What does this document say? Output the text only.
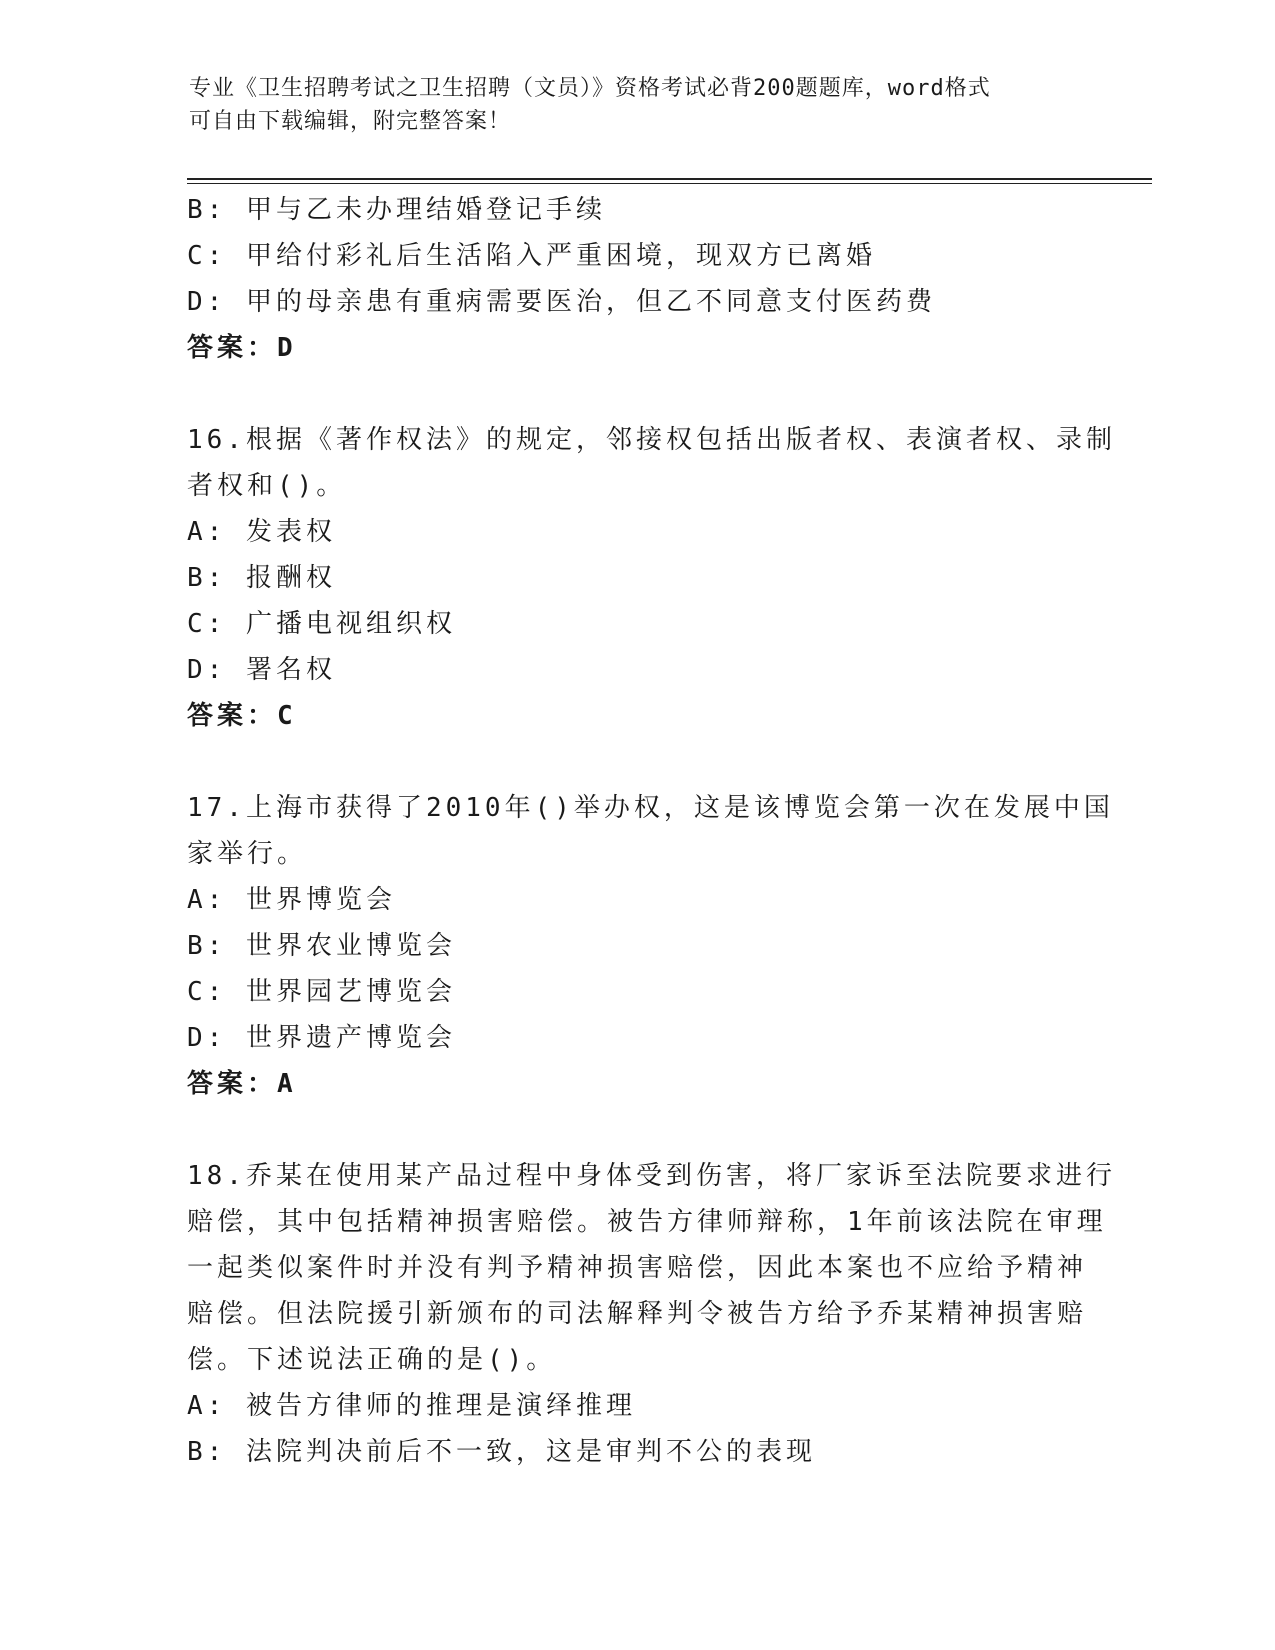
专业《卫生招聘考试之卫生招聘（文员）》资格考试必背200题题库，word格式
可自由下载编辑，附完整答案！
B: 甲与乙未办理结婚登记手续
C: 甲给付彩礼后生活陷入严重困境，现双方已离婚
D: 甲的母亲患有重病需要医治，但乙不同意支付医药费
答案：D
16.根据《著作权法》的规定，邻接权包括出版者权、表演者权、录制
者权和()。
A: 发表权
B: 报酬权
C: 广播电视组织权
D: 署名权
答案：C
17.上海市获得了2010年()举办权，这是该博览会第一次在发展中国
家举行。
A: 世界博览会
B: 世界农业博览会
C: 世界园艺博览会
D: 世界遗产博览会
答案：A
18.乔某在使用某产品过程中身体受到伤害，将厂家诉至法院要求进行
赔偿，其中包括精神损害赔偿。被告方律师辩称，1年前该法院在审理
一起类似案件时并没有判予精神损害赔偿，因此本案也不应给予精神
赔偿。但法院援引新颁布的司法解释判令被告方给予乔某精神损害赔
偿。下述说法正确的是()。
A: 被告方律师的推理是演绎推理
B: 法院判决前后不一致，这是审判不公的表现
